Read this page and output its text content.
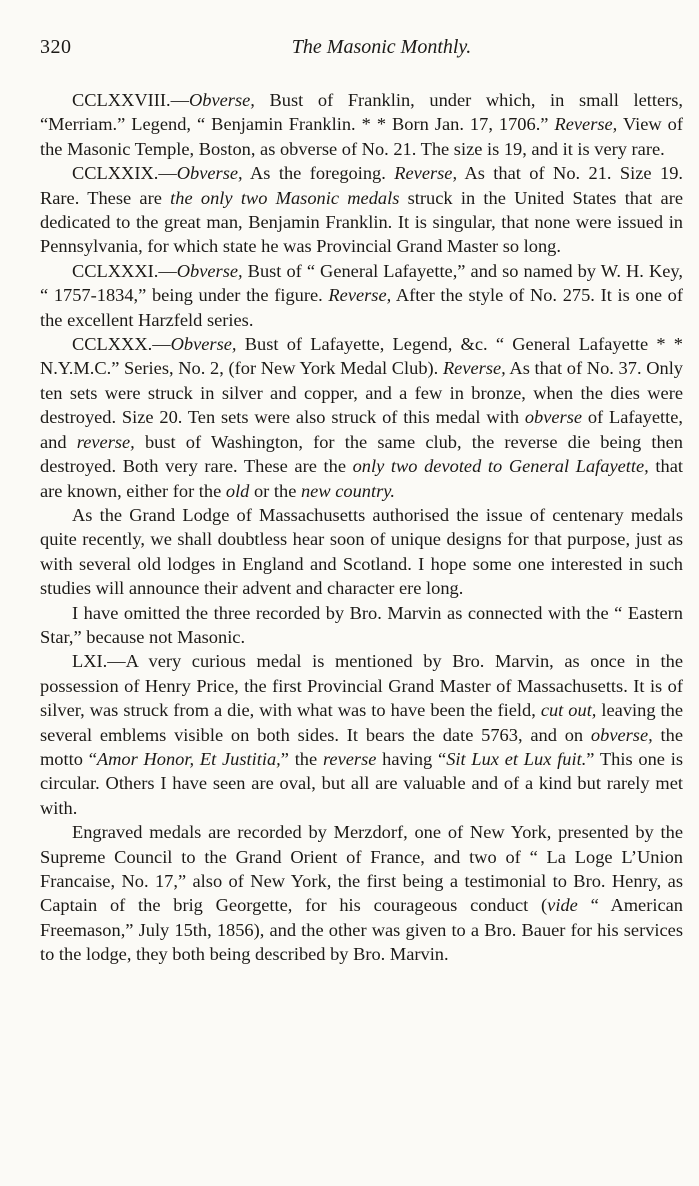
320	The Masonic Monthly.

CCLXXVIII.—Obverse, Bust of Franklin, under which, in small letters, “Merriam.” Legend, “ Benjamin Franklin. * * Born Jan. 17, 1706.” Reverse, View of the Masonic Temple, Boston, as obverse of No. 21. The size is 19, and it is very rare.

CCLXXIX.—Obverse, As the foregoing. Reverse, As that of No. 21. Size 19. Rare. These are the only two Masonic medals struck in the United States that are dedicated to the great man, Benjamin Franklin. It is singular, that none were issued in Pennsylvania, for which state he was Provincial Grand Master so long.

CCLXXXI.—Obverse, Bust of “ General Lafayette,” and so named by W. H. Key, “ 1757-1834,” being under the figure. Reverse, After the style of No. 275. It is one of the excellent Harzfeld series.

CCLXXX.—Obverse, Bust of Lafayette, Legend, &c. “ General Lafayette * * N.Y.M.C.” Series, No. 2, (for New York Medal Club). Reverse, As that of No. 37. Only ten sets were struck in silver and copper, and a few in bronze, when the dies were destroyed. Size 20. Ten sets were also struck of this medal with obverse of Lafayette, and reverse, bust of Washington, for the same club, the reverse die being then destroyed. Both very rare. These are the only two devoted to General Lafayette, that are known, either for the old or the new country.

As the Grand Lodge of Massachusetts authorised the issue of centenary medals quite recently, we shall doubtless hear soon of unique designs for that purpose, just as with several old lodges in England and Scotland. I hope some one interested in such studies will announce their advent and character ere long.

I have omitted the three recorded by Bro. Marvin as connected with the “ Eastern Star,” because not Masonic.

LXI.—A very curious medal is mentioned by Bro. Marvin, as once in the possession of Henry Price, the first Provincial Grand Master of Massachusetts. It is of silver, was struck from a die, with what was to have been the field, cut out, leaving the several emblems visible on both sides. It bears the date 5763, and on obverse, the motto “Amor Honor, Et Justitia,” the reverse having “Sit Lux et Lux fuit.” This one is circular. Others I have seen are oval, but all are valuable and of a kind but rarely met with.

Engraved medals are recorded by Merzdorf, one of New York, presented by the Supreme Council to the Grand Orient of France, and two of “ La Loge L’Union Francaise, No. 17,” also of New York, the first being a testimonial to Bro. Henry, as Captain of the brig Georgette, for his courageous conduct (vide “ American Freemason,” July 15th, 1856), and the other was given to a Bro. Bauer for his services to the lodge, they both being described by Bro. Marvin.
